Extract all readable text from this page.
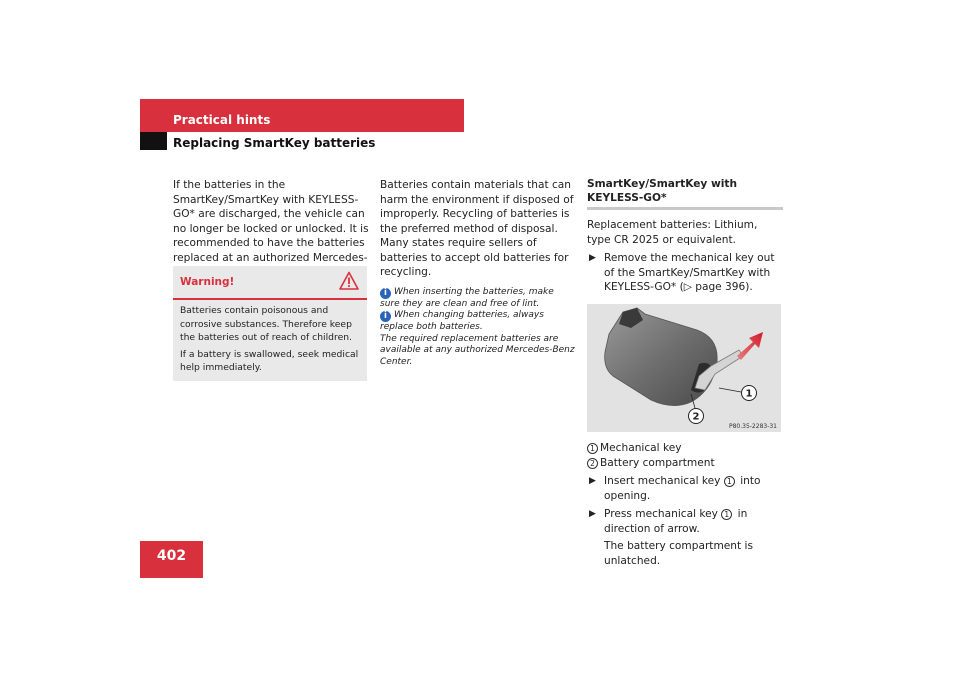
Practical hints
Replacing SmartKey batteries

If the batteries in the SmartKey/SmartKey with KEYLESS-GO* are discharged, the vehicle can no longer be locked or unlocked. It is recommended to have the batteries replaced at an authorized Mercedes-

Warning!

Batteries contain poisonous and corrosive substances. Therefore keep the batteries out of reach of children.

If a battery is swallowed, seek medical help immediately.

Batteries contain materials that can harm the environment if disposed of improperly. Recycling of batteries is the preferred method of disposal. Many states require sellers of batteries to accept old batteries for recycling.

i When inserting the batteries, make sure they are clean and free of lint.

i When changing batteries, always replace both batteries.

The required replacement batteries are available at any authorized Mercedes-Benz Center.

SmartKey/SmartKey with KEYLESS-GO*

Replacement batteries: Lithium, type CR 2025 or equivalent.

▶ Remove the mechanical key out of the SmartKey/SmartKey with KEYLESS-GO* (▷ page 396).

1
2
P80.35-2283-31

1 Mechanical key

2 Battery compartment

▶ Insert mechanical key 1 into opening.

▶ Press mechanical key 1 in direction of arrow.

The battery compartment is unlatched.

402
